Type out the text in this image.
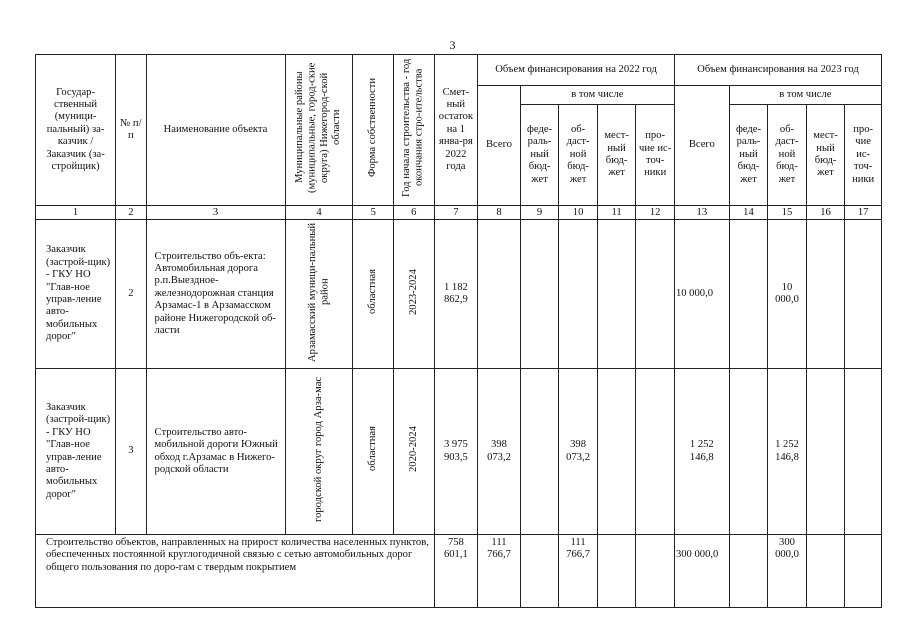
3
Государ-ственный (муници-пальный) за-казчик / Заказчик (за-стройщик)	№ п/п	Наименование объекта	Муниципальные районы (муниципальные, город-ские округа) Нижегород-ской области	Форма собственности	Год начала строительства - год окончания стро-ительства	Смет-ный остаток на 1 янва-ря 2022 года	Объем финансирования на 2022 год					Объем финансирования на 2023 год				
							Всего	в том числе				Всего	в том числе			
								феде-раль-ный бюд-жет	об-даст-ной бюд-жет	мест-ный бюд-жет	про-чие ис-точ-ники		феде-раль-ный бюд-жет	об-даст-ной бюд-жет	мест-ный бюд-жет	про-чие ис-точ-ники
1	2	3	4	5	6	7	8	9	10	11	12	13	14	15	16	17
Заказчик (застрой-щик) - ГКУ НО "Глав-ное управ-ление авто-мобильных дорог"	2	Строительство объ-екта: Автомобильная дорога р.п.Выездное-железнодорожная станция Арзамас-1 в Арзамасском районе Нижегородской об-ласти	Арзамасский муници-пальный район	областная	2023-2024	1 182 862,9						10 000,0		10 000,0		
Заказчик (застрой-щик) - ГКУ НО "Глав-ное управ-ление авто-мобильных дорог"	3	Строительство авто-мобильной дороги Южный обход г.Арзамас в Нижего-родской области	городской округ город Арза-мас	областная	2020-2024	3 975 903,5	398 073,2		398 073,2			1 252 146,8		1 252 146,8		
Строительство объектов, направленных на прирост количества населенных пунктов, обеспеченных постоянной круглогодичной связью с сетью автомобильных дорог общего пользования по доро-гам с твердым покрытием						758 601,1	111 766,7		111 766,7			300 000,0		300 000,0		
